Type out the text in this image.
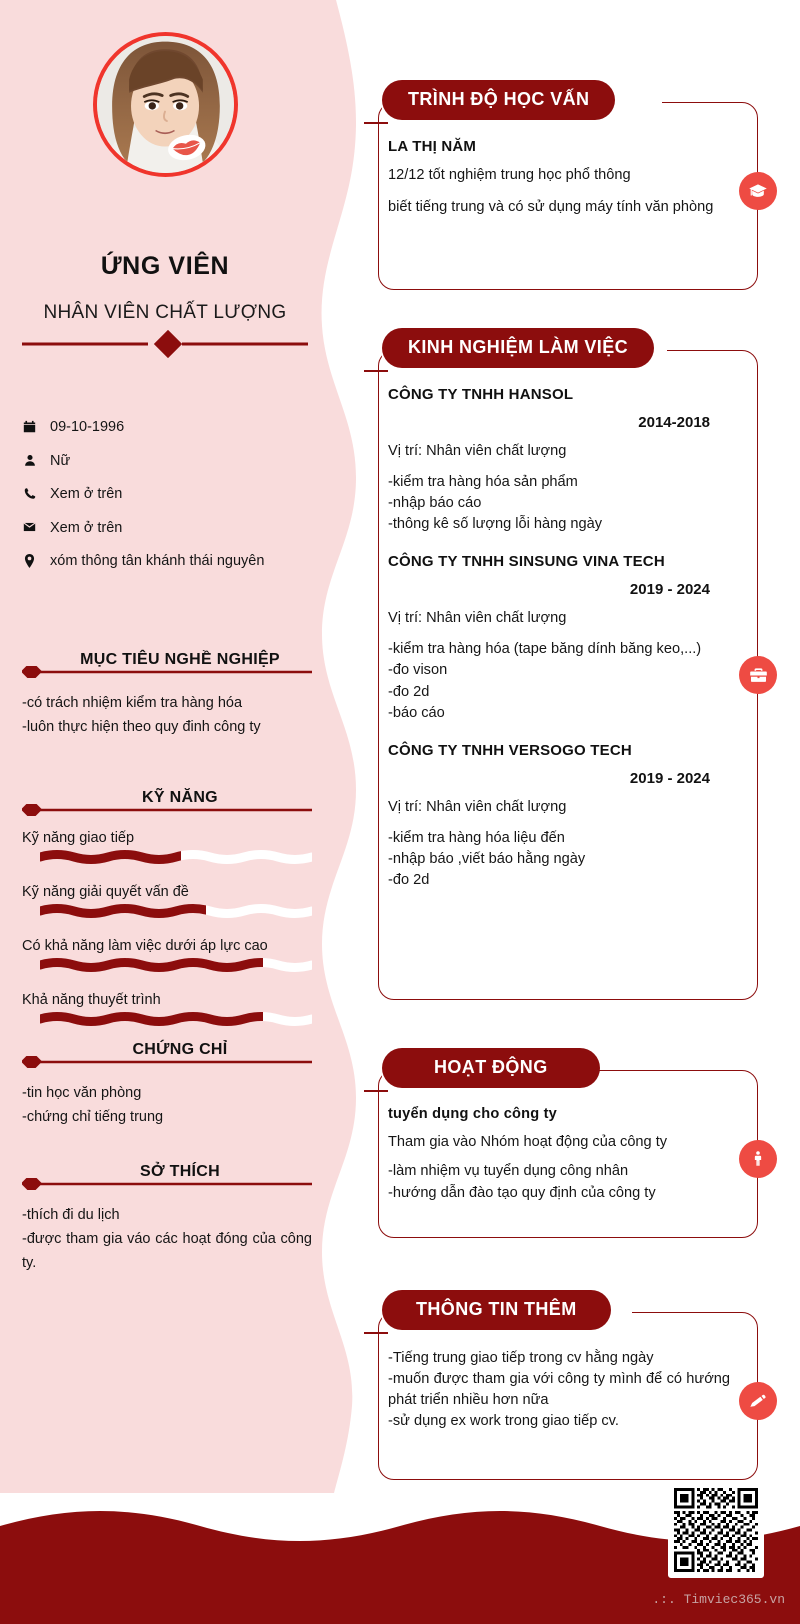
ỨNG VIÊN
NHÂN VIÊN CHẤT LƯỢNG
09-10-1996
Nữ
Xem ở trên
Xem ở trên
xóm thông tân khánh thái nguyên
MỤC TIÊU NGHỀ NGHIỆP
-có trách nhiệm kiểm tra hàng hóa
-luôn thực hiện theo quy đinh công ty
KỸ NĂNG
Kỹ năng giao tiếp
Kỹ năng giải quyết vấn đề
Có khả năng làm việc dưới áp lực cao
Khả năng thuyết trình
CHỨNG CHỈ
-tin học văn phòng
-chứng chỉ tiếng trung
SỞ THÍCH
-thích đi du lịch
-được tham gia váo các hoạt đóng của công ty.
TRÌNH ĐỘ HỌC VẤN
LA THỊ NĂM
12/12 tốt nghiệm trung học phổ thông
biết tiếng trung và có sử dụng máy tính văn phòng
KINH NGHIỆM LÀM VIỆC
CÔNG TY TNHH HANSOL
2014-2018
Vị trí: Nhân viên chất lượng
-kiểm tra hàng hóa sản phẩm
-nhập báo cáo
-thông kê số lượng lỗi hàng ngày
CÔNG TY TNHH SINSUNG VINA TECH
2019 - 2024
Vị trí: Nhân viên chất lượng
-kiểm tra hàng hóa (tape băng dính băng keo,...)
-đo vison
-đo 2d
-báo cáo
CÔNG TY TNHH VERSOGO TECH
2019 - 2024
Vị trí: Nhân viên chất lượng
-kiểm tra hàng hóa liệu đến
-nhập báo ,viết báo hằng ngày
-đo 2d
HOẠT ĐỘNG
tuyển dụng cho công ty
Tham gia vào Nhóm hoạt động của công ty
-làm nhiệm vụ tuyển dụng công nhân
-hướng dẫn đào tạo quy định của công ty
THÔNG TIN THÊM
-Tiếng trung giao tiếp trong cv hằng ngày
-muốn được tham gia với công ty mình để có hướng phát triển nhiều hơn nữa
-sử dụng ex work trong giao tiếp cv.
.:. Timviec365.vn
